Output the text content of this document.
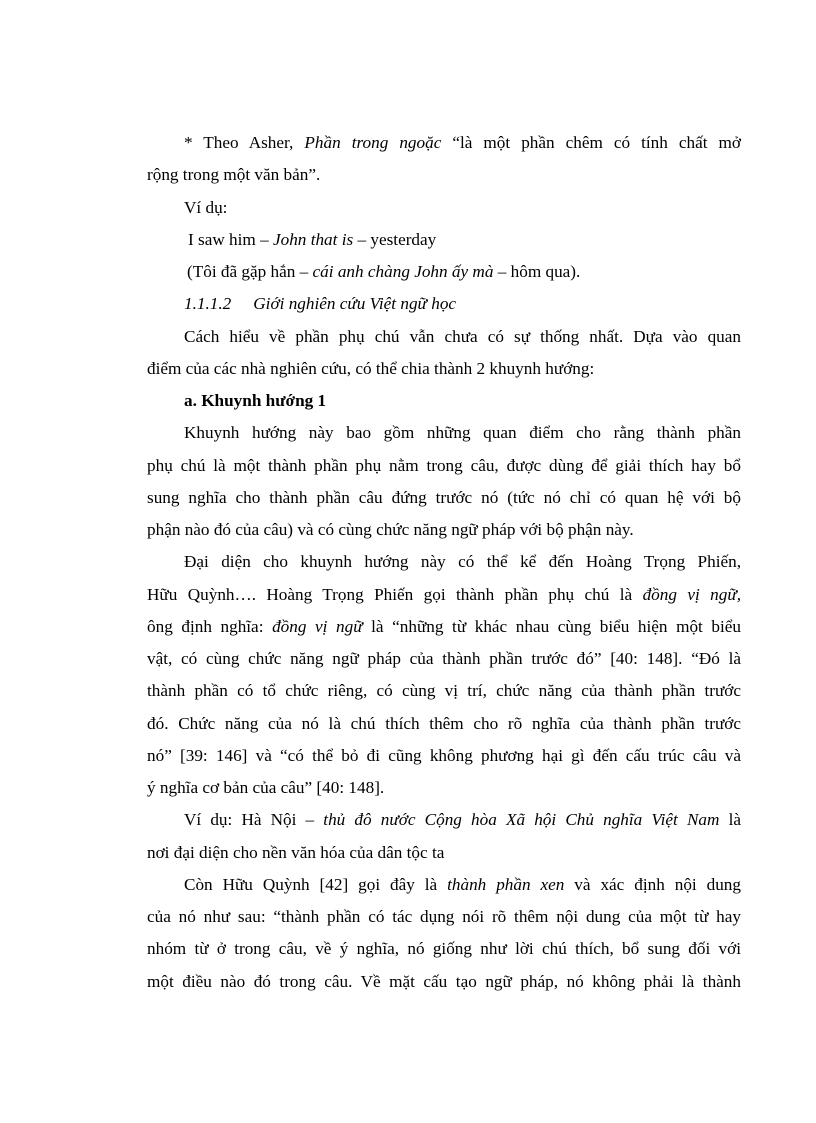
* Theo Asher, Phần trong ngoặc “là một phần chêm có tính chất mở

rộng trong một văn bản”.

Ví dụ:

I saw him – John that is – yesterday

(Tôi đã gặp hắn – cái anh chàng John ấy mà – hôm qua).

1.1.1.2 Giới nghiên cứu Việt ngữ học

Cách hiểu về phần phụ chú vẫn chưa có sự thống nhất. Dựa vào quan

điểm của các nhà nghiên cứu, có thể chia thành 2 khuynh hướng:

a. Khuynh hướng 1

Khuynh hướng này bao gồm những quan điểm cho rằng thành phần

phụ chú là một thành phần phụ nằm trong câu, được dùng để giải thích hay bổ

sung nghĩa cho thành phần câu đứng trước nó (tức nó chỉ có quan hệ với bộ

phận nào đó của câu) và có cùng chức năng ngữ pháp với bộ phận này.

Đại diện cho khuynh hướng này có thể kể đến Hoàng Trọng Phiến,

Hữu Quỳnh…. Hoàng Trọng Phiến gọi thành phần phụ chú là đồng vị ngữ,

ông định nghĩa: đồng vị ngữ là “những từ khác nhau cùng biểu hiện một biểu

vật, có cùng chức năng ngữ pháp của thành phần trước đó” [40: 148]. “Đó là

thành phần có tổ chức riêng, có cùng vị trí, chức năng của thành phần trước

đó. Chức năng của nó là chú thích thêm cho rõ nghĩa của thành phần trước

nó” [39: 146] và “có thể bỏ đi cũng không phương hại gì đến cấu trúc câu và

ý nghĩa cơ bản của câu” [40: 148].

Ví dụ: Hà Nội – thủ đô nước Cộng hòa Xã hội Chủ nghĩa Việt Nam là

nơi đại diện cho nền văn hóa của dân tộc ta

Còn Hữu Quỳnh [42] gọi đây là thành phần xen và xác định nội dung

của nó như sau: “thành phần có tác dụng nói rõ thêm nội dung của một từ hay

nhóm từ ở trong câu, về ý nghĩa, nó giống như lời chú thích, bổ sung đối với

một điều nào đó trong câu. Về mặt cấu tạo ngữ pháp, nó không phải là thành
